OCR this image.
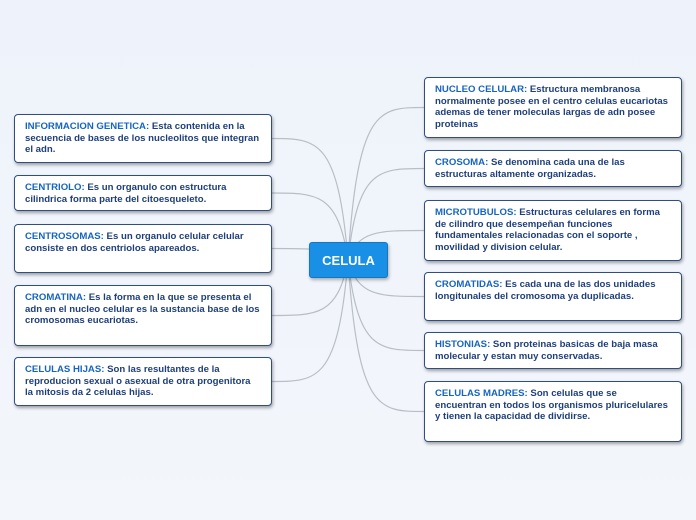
CELULA
INFORMACION GENETICA: Esta contenida en la secuencia de bases de los nucleolitos que integran el adn.
CENTRIOLO: Es un organulo con estructura cilindrica forma parte del citoesqueleto.
CENTROSOMAS: Es un organulo celular celular consiste en dos centriolos apareados.
CROMATINA: Es la forma en la que se presenta el adn en el nucleo celular es la sustancia base de los cromosomas eucariotas.
CELULAS HIJAS: Son las resultantes de la reproducion sexual o asexual de otra progenitora la mitosis da 2 celulas hijas.
NUCLEO CELULAR: Estructura membranosa normalmente posee en el centro celulas eucariotas ademas de tener moleculas largas de adn posee proteinas
CROSOMA: Se denomina cada una de las estructuras altamente organizadas.
MICROTUBULOS: Estructuras celulares en forma de cilindro que desempeñan funciones fundamentales relacionadas con el soporte , movilidad y division celular.
CROMATIDAS: Es cada una de las dos unidades longitunales del cromosoma ya duplicadas.
HISTONIAS: Son proteinas basicas de baja masa molecular y estan muy conservadas.
CELULAS MADRES: Son celulas que se encuentran en todos los organismos pluricelulares y tienen la capacidad de dividirse.
